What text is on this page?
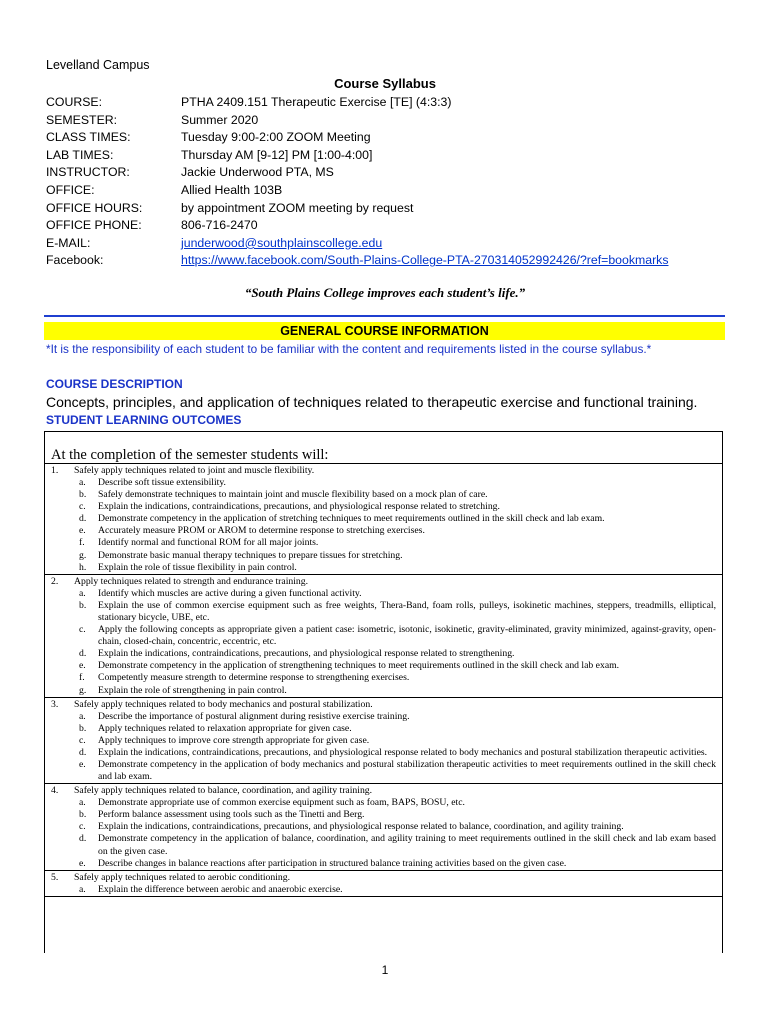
Levelland Campus
Course Syllabus
COURSE:	PTHA 2409.151 Therapeutic Exercise [TE] (4:3:3)
SEMESTER:	Summer 2020
CLASS TIMES:	Tuesday 9:00-2:00 ZOOM Meeting
LAB TIMES:	Thursday AM [9-12] PM [1:00-4:00]
INSTRUCTOR:	Jackie Underwood PTA, MS
OFFICE:	Allied Health 103B
OFFICE HOURS:	by appointment ZOOM meeting by request
OFFICE PHONE:	806-716-2470
E-MAIL:	junderwood@southplainscollege.edu
Facebook:	https://www.facebook.com/South-Plains-College-PTA-270314052992426/?ref=bookmarks
“South Plains College improves each student’s life.”
GENERAL COURSE INFORMATION
*It is the responsibility of each student to be familiar with the content and requirements listed in the course syllabus.*
COURSE DESCRIPTION
Concepts, principles, and application of techniques related to therapeutic exercise and functional training.
STUDENT LEARNING OUTCOMES
At the completion of the semester students will:
1.	Safely apply techniques related to joint and muscle flexibility.
a. Describe soft tissue extensibility.
b. Safely demonstrate techniques to maintain joint and muscle flexibility based on a mock plan of care.
c. Explain the indications, contraindications, precautions, and physiological response related to stretching.
d. Demonstrate competency in the application of stretching techniques to meet requirements outlined in the skill check and lab exam.
e. Accurately measure PROM or AROM to determine response to stretching exercises.
f. Identify normal and functional ROM for all major joints.
g. Demonstrate basic manual therapy techniques to prepare tissues for stretching.
h. Explain the role of tissue flexibility in pain control.
2.	Apply techniques related to strength and endurance training.
a. Identify which muscles are active during a given functional activity.
b. Explain the use of common exercise equipment such as free weights, Thera-Band, foam rolls, pulleys, isokinetic machines, steppers, treadmills, elliptical, stationary bicycle, UBE, etc.
c. Apply the following concepts as appropriate given a patient case: isometric, isotonic, isokinetic, gravity-eliminated, gravity minimized, against-gravity, open-chain, closed-chain, concentric, eccentric, etc.
d. Explain the indications, contraindications, precautions, and physiological response related to strengthening.
e. Demonstrate competency in the application of strengthening techniques to meet requirements outlined in the skill check and lab exam.
f. Competently measure strength to determine response to strengthening exercises.
g. Explain the role of strengthening in pain control.
3.	Safely apply techniques related to body mechanics and postural stabilization.
a. Describe the importance of postural alignment during resistive exercise training.
b. Apply techniques related to relaxation appropriate for given case.
c. Apply techniques to improve core strength appropriate for given case.
d. Explain the indications, contraindications, precautions, and physiological response related to body mechanics and postural stabilization therapeutic activities.
e. Demonstrate competency in the application of body mechanics and postural stabilization therapeutic activities to meet requirements outlined in the skill check and lab exam.
4.	Safely apply techniques related to balance, coordination, and agility training.
a. Demonstrate appropriate use of common exercise equipment such as foam, BAPS, BOSU, etc.
b. Perform balance assessment using tools such as the Tinetti and Berg.
c. Explain the indications, contraindications, precautions, and physiological response related to balance, coordination, and agility training.
d. Demonstrate competency in the application of balance, coordination, and agility training to meet requirements outlined in the skill check and lab exam based on the given case.
e. Describe changes in balance reactions after participation in structured balance training activities based on the given case.
5.	Safely apply techniques related to aerobic conditioning.
a. Explain the difference between aerobic and anaerobic exercise.
1
